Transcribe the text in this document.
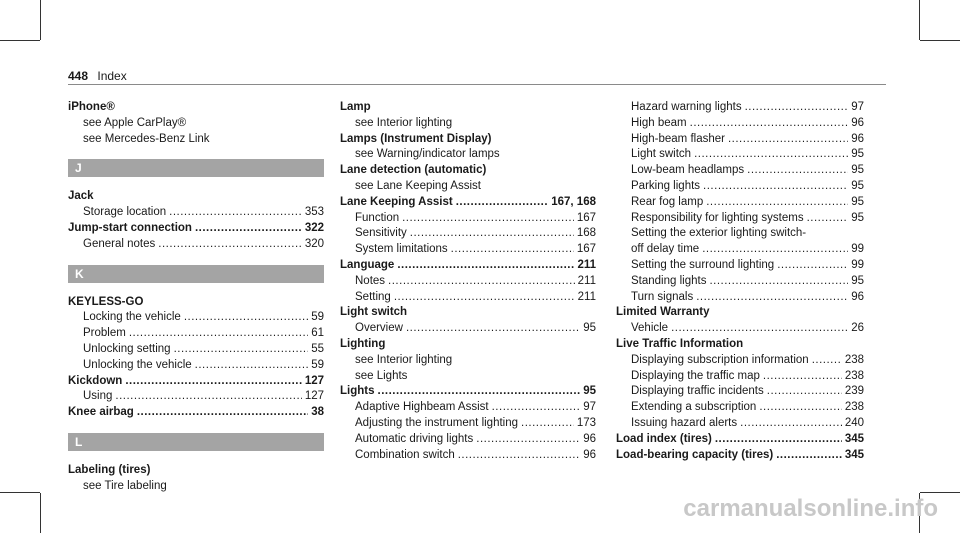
448 Index
iPhone®
see Apple CarPlay®
see Mercedes-Benz Link
J
Jack
Storage location .....	353
Jump-start connection .....	322
General notes .....	320
K
KEYLESS-GO
Locking the vehicle .....	59
Problem .....	61
Unlocking setting .....	55
Unlocking the vehicle .....	59
Kickdown .....	127
Using .....	127
Knee airbag .....	38
L
Labeling (tires)
see Tire labeling
Lamp
see Interior lighting
Lamps (Instrument Display)
see Warning/indicator lamps
Lane detection (automatic)
see Lane Keeping Assist
Lane Keeping Assist .....	167, 168
Function .....	167
Sensitivity .....	168
System limitations .....	167
Language .....	211
Notes .....	211
Setting .....	211
Light switch
Overview .....	95
Lighting
see Interior lighting
see Lights
Lights .....	95
Adaptive Highbeam Assist .....	97
Adjusting the instrument lighting .....	173
Automatic driving lights .....	96
Combination switch .....	96
Hazard warning lights .....	97
High beam .....	96
High-beam flasher .....	96
Light switch .....	95
Low-beam headlamps .....	95
Parking lights .....	95
Rear fog lamp .....	95
Responsibility for lighting systems .....	95
Setting the exterior lighting switch-
off delay time .....	99
Setting the surround lighting .....	99
Standing lights .....	95
Turn signals .....	96
Limited Warranty
Vehicle .....	26
Live Traffic Information
Displaying subscription information .....	238
Displaying the traffic map .....	238
Displaying traffic incidents .....	239
Extending a subscription .....	238
Issuing hazard alerts .....	240
Load index (tires) .....	345
Load-bearing capacity (tires) .....	345
carmanualsonline.info
